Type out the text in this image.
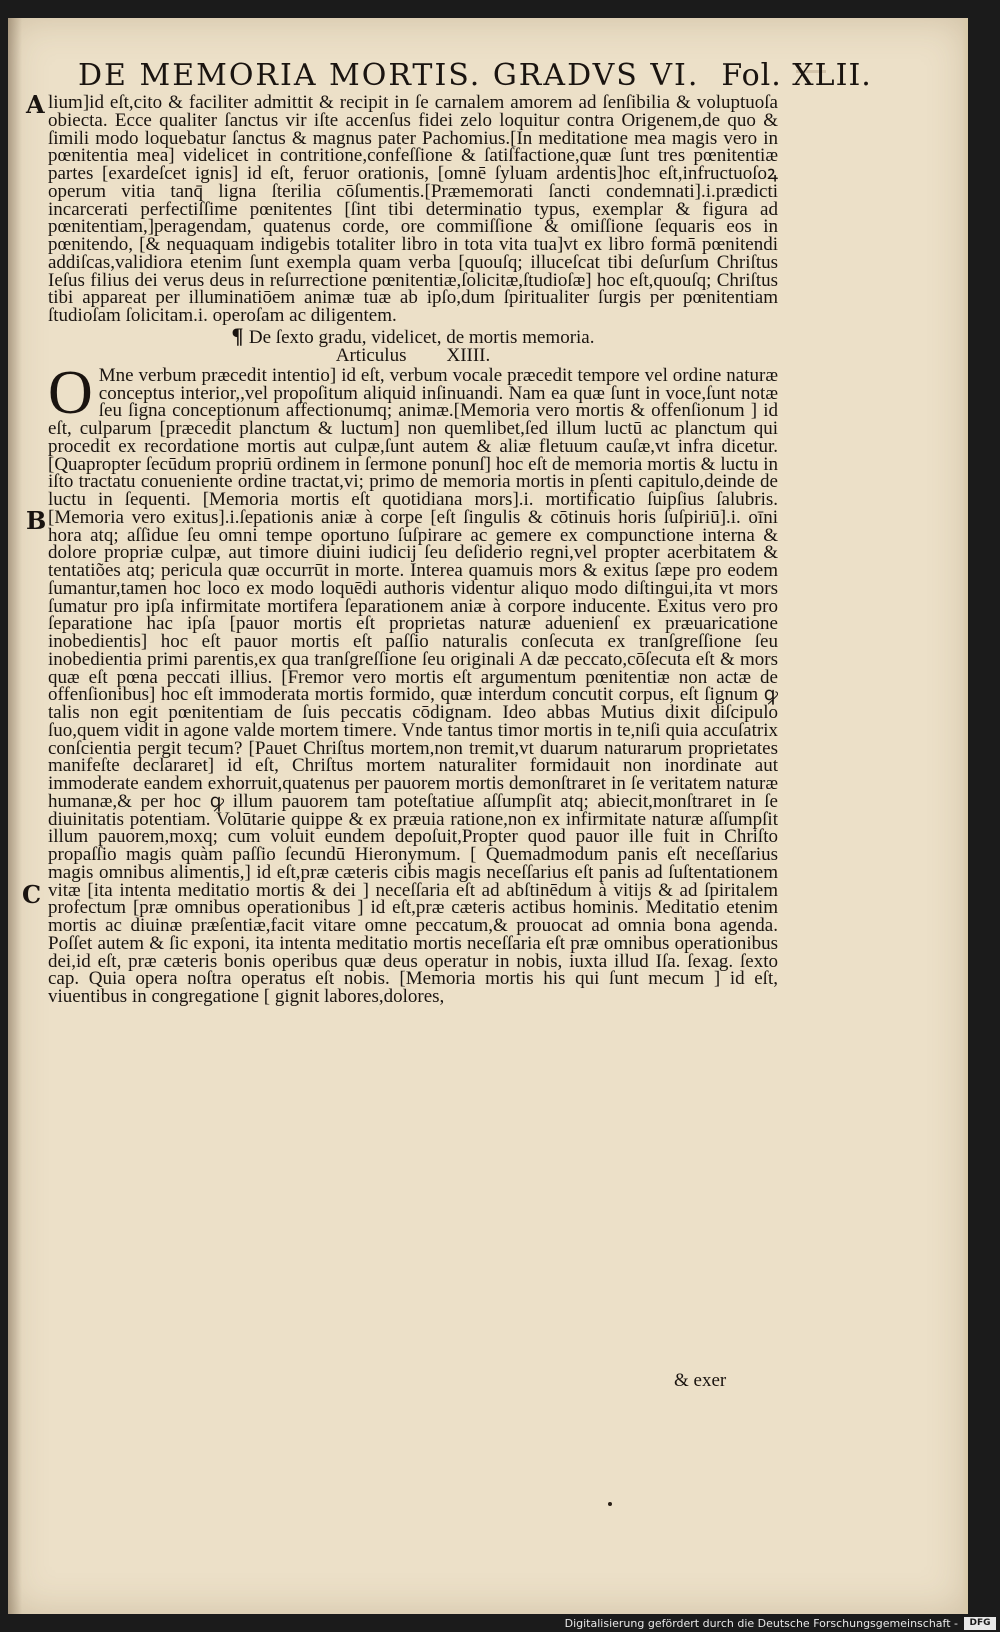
DE MEMORIA MORTIS. GRADVS VI. Fol. XLII.
A
B
C

lium]id eſt,cito & faciliter admittit & recipit in ſe carnalem amorem ad ſenſibilia & voluptuoſa obiecta. Ecce qualiter ſanctus vir iſte accenſus fidei zelo loquitur contra Origenem,de quo & ſimili modo loquebatur ſanctus & magnus pater Pachomius.[In meditatione mea magis vero in pœnitentia mea] videlicet in contritione,confeſſione & ſatiſfactione,quæ ſunt tres pœnitentiæ partes [exardeſcet ignis] id eſt, feruor orationis, [omnē ſyluam ardentis]hoc eſt,infructuoſoꝝ operum vitia tanq̄ ligna ſterilia cōſumentis.[Præmemorati ſancti condemnati].i.prædicti incarcerati perfectiſſime pœnitentes [ſint tibi determinatio typus, exemplar & figura ad pœnitentiam,]peragendam, quatenus corde, ore commiſſione & omiſſione ſequaris eos in pœnitendo, [& nequaquam indigebis totaliter libro in tota vita tua]vt ex libro formā pœnitendi addiſcas,validiora etenim ſunt exempla quam verba [quouſq; illuceſcat tibi deſurſum Chriſtus Ieſus filius dei verus deus in reſurrectione pœnitentiæ,ſolicitæ,ſtudioſæ] hoc eſt,quouſq; Chriſtus tibi appareat per illuminatiōem animæ tuæ ab ipſo,dum ſpiritualiter ſurgis per pœnitentiam ſtudioſam ſolicitam.i. operoſam ac diligentem.

¶ De ſexto gradu, videlicet, de mortis memoria.
Articulus XIIII.
O Mne verbum præcedit intentio] id eſt, verbum vocale præcedit tempore vel ordine naturæ conceptus interior,,vel propoſitum aliquid inſinuandi. Nam ea quæ ſunt in voce,ſunt notæ ſeu ſigna conceptionum affectionumq; animæ.[Memoria vero mortis & offenſionum ] id eſt, culparum [præcedit planctum & luctum] non quemlibet,ſed illum luctū ac planctum qui procedit ex recordatione mortis aut culpæ,ſunt autem & aliæ fletuum cauſæ,vt infra dicetur. [Quapropter ſecūdum propriū ordinem in ſermone ponunſ] hoc eſt de memoria mortis & luctu in iſto tractatu conueniente ordine tractat,vi; primo de memoria mortis in pſenti capitulo,deinde de luctu in ſequenti. [Memoria mortis eſt quotidiana mors].i. mortificatio ſuipſius ſalubris.[Memoria vero exitus].i.ſepationis aniæ à corpe [eſt ſingulis & cōtinuis horis ſuſpiriū].i. oīni hora atq; aſſidue ſeu omni tempe oportuno ſuſpirare ac gemere ex compunctione interna & dolore propriæ culpæ, aut timore diuini iudicij ſeu deſiderio regni,vel propter acerbitatem & tentatiões atq; pericula quæ occurrūt in morte. Interea quamuis mors & exitus ſæpe pro eodem ſumantur,tamen hoc loco ex modo loquēdi authoris videntur aliquo modo diſtingui,ita vt mors ſumatur pro ipſa infirmitate mortifera ſeparationem aniæ à corpore inducente. Exitus vero pro ſeparatione hac ipſa [pauor mortis eſt proprietas naturæ aduenienſ ex præuaricatione inobedientis] hoc eſt pauor mortis eſt paſſio naturalis conſecuta ex tranſgreſſione ſeu inobedientia primi parentis,ex qua tranſgreſſione ſeu originali A dæ peccato,cōſecuta eſt & mors quæ eſt pœna peccati illius. [Fremor vero mortis eſt argumentum pœnitentiæ non actæ de offenſionibus] hoc eſt immoderata mortis formido, quæ interdum concutit corpus, eſt ſignum ꝙ talis non egit pœnitentiam de ſuis peccatis cōdignam. Ideo abbas Mutius dixit diſcipulo ſuo,quem vidit in agone valde mortem timere. Vnde tantus timor mortis in te,niſi quia accuſatrix conſcientia pergit tecum? [Pauet Chriſtus mortem,non tremit,vt duarum naturarum proprietates manifeſte declararet] id eſt, Chriſtus mortem naturaliter formidauit non inordinate aut immoderate eandem exhorruit,quatenus per pauorem mortis demonſtraret in ſe veritatem naturæ humanæ,& per hoc ꝙ illum pauorem tam poteſtatiue aſſumpſit atq; abiecit,monſtraret in ſe diuinitatis potentiam. Volūtarie quippe & ex præuia ratione,non ex infirmitate naturæ aſſumpſit illum pauorem,moxq; cum voluit eundem depoſuit,Propter quod pauor ille fuit in Chriſto propaſſio magis quàm paſſio ſecundū Hieronymum. [ Quemadmodum panis eſt neceſſarius magis omnibus alimentis,] id eſt,præ cæteris cibis magis neceſſarius eſt panis ad ſuſtentationem vitæ [ita intenta meditatio mortis & dei ] neceſſaria eſt ad abſtinēdum à vitijs & ad ſpiritalem profectum [præ omnibus operationibus ] id eſt,præ cæteris actibus hominis. Meditatio etenim mortis ac diuinæ præſentiæ,facit vitare omne peccatum,& prouocat ad omnia bona agenda. Poſſet autem & ſic exponi, ita intenta meditatio mortis neceſſaria eſt præ omnibus operationibus dei,id eſt, præ cæteris bonis operibus quæ deus operatur in nobis, iuxta illud Iſa. ſexag. ſexto cap. Quia opera noſtra operatus eſt nobis. [Memoria mortis his qui ſunt mecum ] id eſt, viuentibus in congregatione [ gignit labores,dolores,
& exer
Digitalisierung gefördert durch die Deutsche Forschungsgemeinschaft -	DFG
